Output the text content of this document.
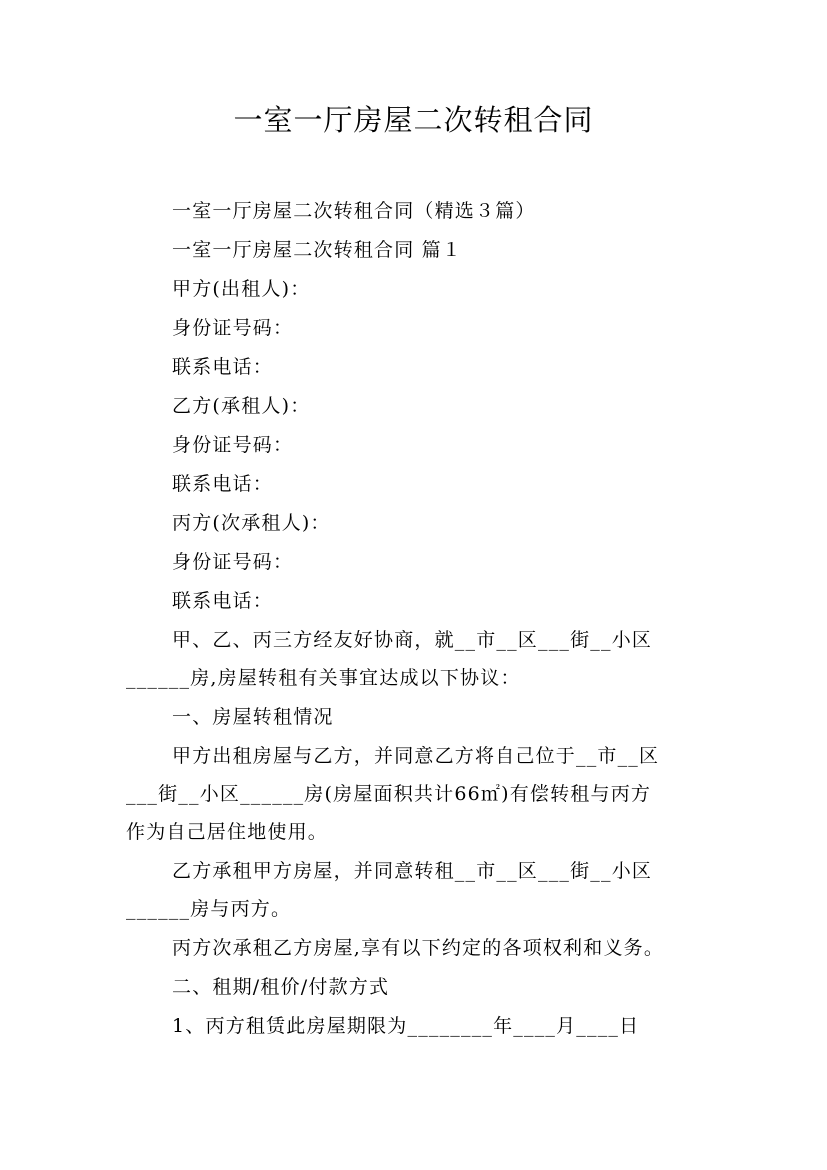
一室一厅房屋二次转租合同
一室一厅房屋二次转租合同（精选３篇）
一室一厅房屋二次转租合同 篇１
甲方(出租人)：
身份证号码：
联系电话：
乙方(承租人)：
身份证号码：
联系电话：
丙方(次承租人)：
身份证号码：
联系电话：
甲、乙、丙三方经友好协商，就__市__区___街__小区
______房,房屋转租有关事宜达成以下协议：
一、房屋转租情况
甲方出租房屋与乙方，并同意乙方将自己位于__市__区
___街__小区______房(房屋面积共计66㎡)有偿转租与丙方
作为自己居住地使用。
乙方承租甲方房屋，并同意转租__市__区___街__小区
______房与丙方。
丙方次承租乙方房屋,享有以下约定的各项权利和义务。
二、租期/租价/付款方式
1、丙方租赁此房屋期限为________年____月____日
